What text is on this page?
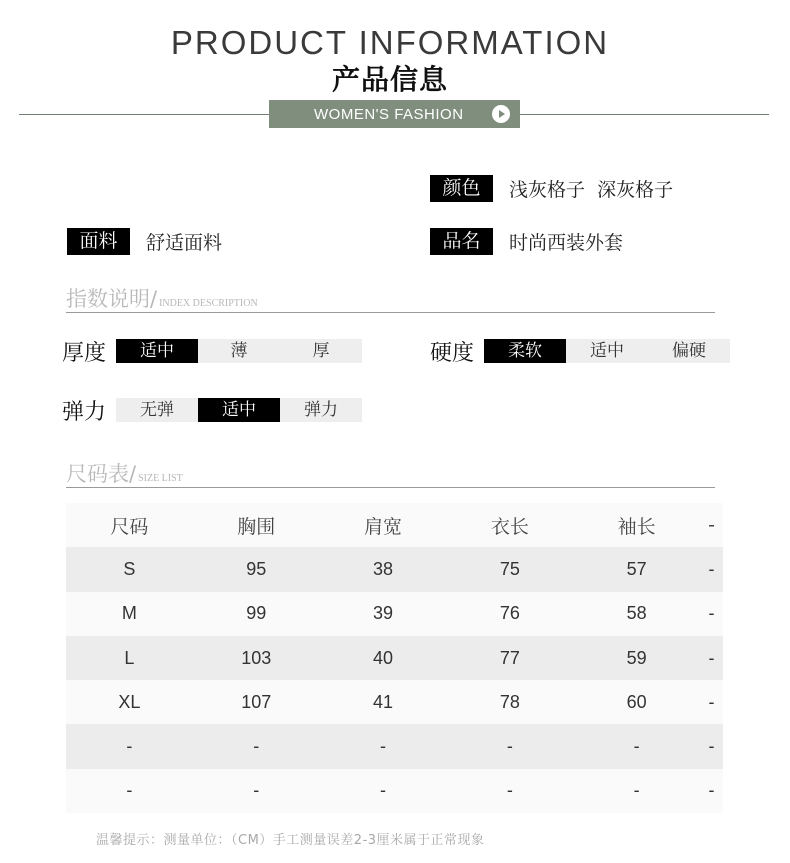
PRODUCT INFORMATION
产品信息
WOMEN'S FASHION
颜色	浅灰格子  深灰格子
面料	舒适面料	品名	时尚西装外套
指数说明/ INDEX DESCRIPTION
厚度	适中	薄	厚	硬度	柔软	适中	偏硬
弹力	无弹	适中	弹力
尺码表/ SIZE LIST
尺码	胸围	肩宽	衣长	袖长	-
S	95	38	75	57	-
M	99	39	76	58	-
L	103	40	77	59	-
XL	107	41	78	60	-
-	-	-	-	-	-
-	-	-	-	-	-
温馨提示：测量单位：（CM）手工测量误差2-3厘米属于正常现象
